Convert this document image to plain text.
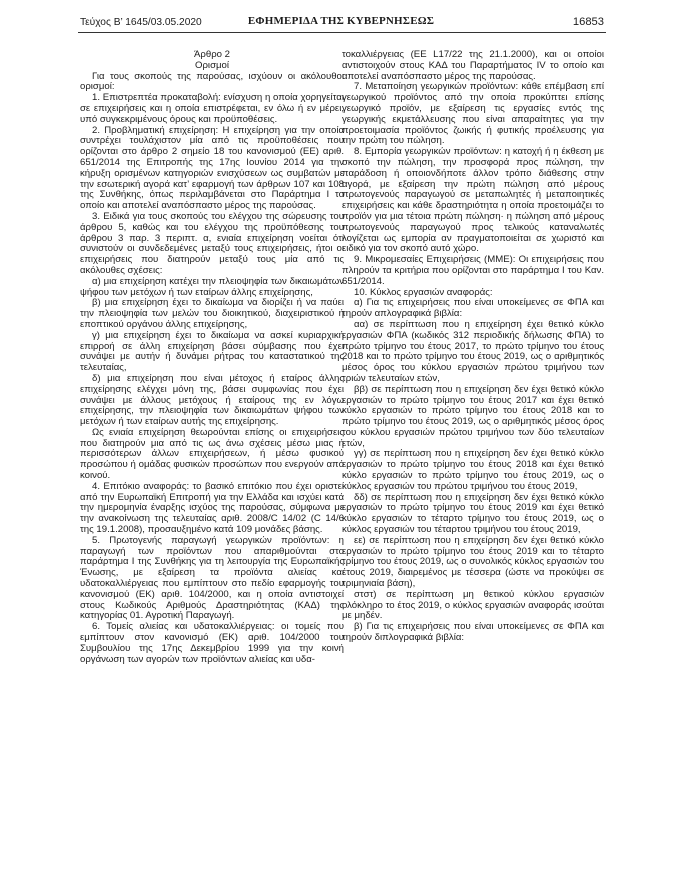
Τεύχος B’ 1645/03.05.2020	ΕΦΗΜΕΡΙΔΑ ΤΗΣ ΚΥΒΕΡΝΗΣΕΩΣ	16853

Άρθρο 2

Ορισμοί

Για τους σκοπούς της παρούσας, ισχύουν οι ακόλουθοι ορισμοί:

1. Επιστρεπτέα προκαταβολή: ενίσχυση η οποία χορηγείται σε επιχειρήσεις και η οποία επιστρέφεται, εν όλω ή εν μέρει, υπό συγκεκριμένους όρους και προϋποθέσεις.

2. Προβληματική επιχείρηση: Η επιχείρηση για την οποία συντρέχει τουλάχιστον μία από τις προϋποθέσεις που ορίζονται στο άρθρο 2 σημείο 18 του κανονισμού (ΕΕ) αριθ. 651/2014 της Επιτροπής της 17ης Ιουνίου 2014 για την κήρυξη ορισμένων κατηγοριών ενισχύσεων ως συμβατών με την εσωτερική αγορά κατ’ εφαρμογή των άρθρων 107 και 108 της Συνθήκης, όπως περιλαμβάνεται στο Παράρτημα Ι το οποίο και αποτελεί αναπόσπαστο μέρος της παρούσας.

3. Ειδικά για τους σκοπούς του ελέγχου της σώρευσης του άρθρου 5, καθώς και του ελέγχου της προϋπόθεσης του άρθρου 3 παρ. 3 περιπτ. α, ενιαία επιχείρηση νοείται ότι συνιστούν οι συνδεδεμένες μεταξύ τους επιχειρήσεις, ήτοι οι επιχειρήσεις που διατηρούν μεταξύ τους μία από τις ακόλουθες σχέσεις:

α) μια επιχείρηση κατέχει την πλειοψηφία των δικαιωμάτων ψήφου των μετόχων ή των εταίρων άλλης επιχείρησης,

β) μια επιχείρηση έχει το δικαίωμα να διορίζει ή να παύει την πλειοψηφία των μελών του διοικητικού, διαχειριστικού ή εποπτικού οργάνου άλλης επιχείρησης,

γ) μια επιχείρηση έχει το δικαίωμα να ασκεί κυριαρχική επιρροή σε άλλη επιχείρηση βάσει σύμβασης που έχει συνάψει με αυτήν ή δυνάμει ρήτρας του καταστατικού της τελευταίας,

δ) μια επιχείρηση που είναι μέτοχος ή εταίρος άλλης επιχείρησης ελέγχει μόνη της, βάσει συμφωνίας που έχει συνάψει με άλλους μετόχους ή εταίρους της εν λόγω επιχείρησης, την πλειοψηφία των δικαιωμάτων ψήφου των μετόχων ή των εταίρων αυτής της επιχείρησης.

Ως ενιαία επιχείρηση θεωρούνται επίσης οι επιχειρήσεις που διατηρούν μια από τις ως άνω σχέσεις μέσω μιας ή περισσότερων άλλων επιχειρήσεων, ή μέσω φυσικού προσώπου ή ομάδας φυσικών προσώπων που ενεργούν από κοινού.

4. Επιτόκιο αναφοράς: το βασικό επιτόκιο που έχει οριστεί από την Ευρωπαϊκή Επιτροπή για την Ελλάδα και ισχύει κατά την ημερομηνία έναρξης ισχύος της παρούσας, σύμφωνα με την ανακοίνωση της τελευταίας αριθ. 2008/C 14/02 (C 14/6 της 19.1.2008), προσαυξημένο κατά 109 μονάδες βάσης.

5. Πρωτογενής παραγωγή γεωργικών προϊόντων: η παραγωγή των προϊόντων που απαριθμούνται στο παράρτημα Ι της Συνθήκης για τη λειτουργία της Ευρωπαϊκής Ένωσης, με εξαίρεση τα προϊόντα αλιείας και υδατοκαλλιέργειας που εμπίπτουν στο πεδίο εφαρμογής του κανονισμού (ΕΚ) αριθ. 104/2000, και η οποία αντιστοιχεί στους Κωδικούς Αριθμούς Δραστηριότητας (ΚΑΔ) της κατηγορίας 01. Αγροτική Παραγωγή.

6. Τομείς αλιείας και υδατοκαλλιέργειας: οι τομείς που εμπίπτουν στον κανονισμό (ΕΚ) αριθ. 104/2000 του Συμβουλίου της 17ης Δεκεμβρίου 1999 για την κοινή οργάνωση των αγορών των προϊόντων αλιείας και υδα-

τοκαλλιέργειας (ΕΕ L17/22 της 21.1.2000), και οι οποίοι αντιστοιχούν στους ΚΑΔ του Παραρτήματος IV το οποίο και αποτελεί αναπόσπαστο μέρος της παρούσας.

7. Μεταποίηση γεωργικών προϊόντων: κάθε επέμβαση επί γεωργικού προϊόντος από την οποία προκύπτει επίσης γεωργικό προϊόν, με εξαίρεση τις εργασίες εντός της γεωργικής εκμετάλλευσης που είναι απαραίτητες για την προετοιμασία προϊόντος ζωικής ή φυτικής προέλευσης για την πρώτη του πώληση.

8. Εμπορία γεωργικών προϊόντων: η κατοχή ή η έκθεση με σκοπό την πώληση, την προσφορά προς πώληση, την παράδοση ή οποιονδήποτε άλλον τρόπο διάθεσης στην αγορά, με εξαίρεση την πρώτη πώληση από μέρους πρωτογενούς παραγωγού σε μεταπωλητές ή μεταποιητικές επιχειρήσεις και κάθε δραστηριότητα η οποία προετοιμάζει το προϊόν για μια τέτοια πρώτη πώληση· η πώληση από μέρους πρωτογενούς παραγωγού προς τελικούς καταναλωτές λογίζεται ως εμπορία αν πραγματοποιείται σε χωριστό και ειδικό για τον σκοπό αυτό χώρο.

9. Μικρομεσαίες Επιχειρήσεις (ΜΜΕ): Οι επιχειρήσεις που πληρούν τα κριτήρια που ορίζονται στο παράρτημα Ι του Καν. 651/2014.

10. Κύκλος εργασιών αναφοράς:

α) Για τις επιχειρήσεις που είναι υποκείμενες σε ΦΠΑ και τηρούν απλογραφικά βιβλία:

αα) σε περίπτωση που η επιχείρηση έχει θετικό κύκλο εργασιών ΦΠΑ (κωδικός 312 περιοδικής δήλωσης ΦΠΑ) το πρώτο τρίμηνο του έτους 2017, το πρώτο τρίμηνο του έτους 2018 και το πρώτο τρίμηνο του έτους 2019, ως ο αριθμητικός μέσος όρος του κύκλου εργασιών πρώτου τριμήνου των τριών τελευταίων ετών,

ββ) σε περίπτωση που η επιχείρηση δεν έχει θετικό κύκλο εργασιών το πρώτο τρίμηνο του έτους 2017 και έχει θετικό κύκλο εργασιών το πρώτο τρίμηνο του έτους 2018 και το πρώτο τρίμηνο του έτους 2019, ως ο αριθμητικός μέσος όρος του κύκλου εργασιών πρώτου τριμήνου των δύο τελευταίων ετών,

γγ) σε περίπτωση που η επιχείρηση δεν έχει θετικό κύκλο εργασιών το πρώτο τρίμηνο του έτους 2018 και έχει θετικό κύκλο εργασιών το πρώτο τρίμηνο του έτους 2019, ως ο κύκλος εργασιών του πρώτου τριμήνου του έτους 2019,

δδ) σε περίπτωση που η επιχείρηση δεν έχει θετικό κύκλο εργασιών το πρώτο τρίμηνο του έτους 2019 και έχει θετικό κύκλο εργασιών το τέταρτο τρίμηνο του έτους 2019, ως ο κύκλος εργασιών του τέταρτου τριμήνου του έτους 2019,

εε) σε περίπτωση που η επιχείρηση δεν έχει θετικό κύκλο εργασιών το πρώτο τρίμηνο του έτους 2019 και το τέταρτο τρίμηνο του έτους 2019, ως ο συνολικός κύκλος εργασιών του έτους 2019, διαιρεμένος με τέσσερα (ώστε να προκύψει σε τριμηνιαία βάση),

στστ) σε περίπτωση μη θετικού κύκλου εργασιών ολόκληρο το έτος 2019, ο κύκλος εργασιών αναφοράς ισούται με μηδέν.

β) Για τις επιχειρήσεις που είναι υποκείμενες σε ΦΠΑ και τηρούν διπλογραφικά βιβλία:
